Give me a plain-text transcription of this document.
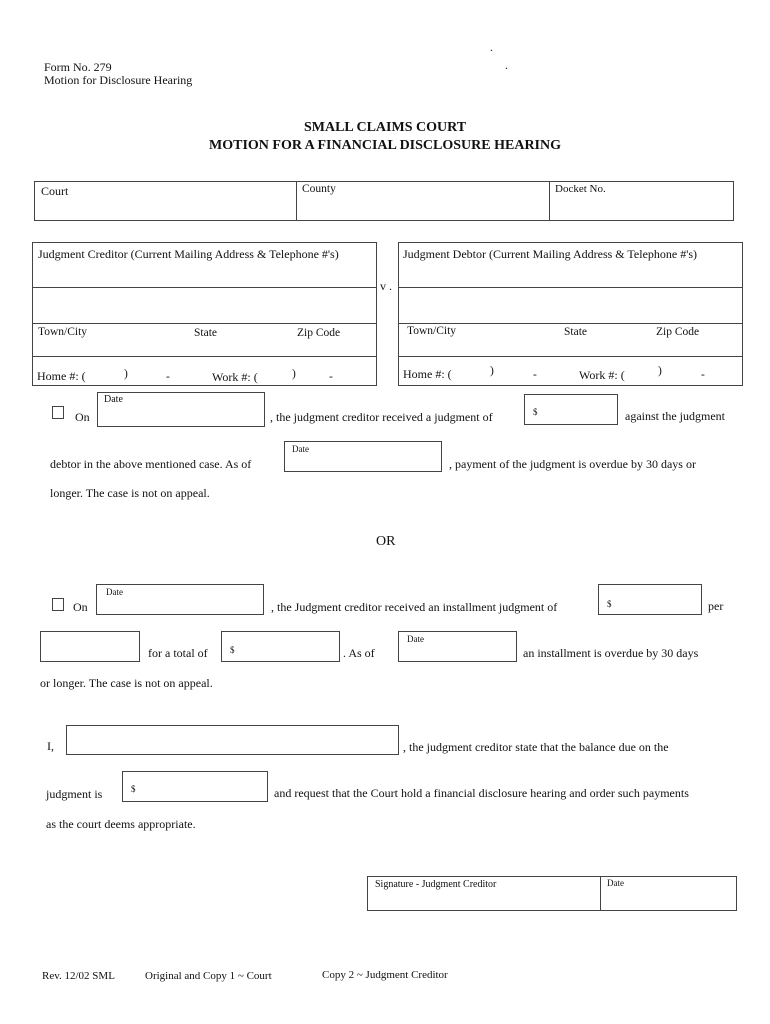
.
.
Form No. 279
Motion for Disclosure Hearing
SMALL CLAIMS COURT
MOTION FOR A FINANCIAL DISCLOSURE HEARING
Court	County	Docket No.
Judgment Creditor (Current Mailing Address & Telephone #'s)
Town/City	State	Zip Code
Home #: (	)	-	Work #: (	)	-
v .
Judgment Debtor (Current Mailing Address & Telephone #'s)
Town/City	State	Zip Code
Home #: (	)	-	Work #: (	)	-
On
Date
, the judgment creditor received a judgment of	$	against the judgment
debtor in the above mentioned case. As of
Date
, payment of the judgment is overdue by 30 days or
longer. The case is not on appeal.
OR
On
Date
, the Judgment creditor received an installment judgment of	$	per
for a total of $	. As of
Date
an installment is overdue by 30 days
or longer. The case is not on appeal.
I,	, the judgment creditor state that the balance due on the
judgment is	$	and request that the Court hold a financial disclosure hearing and order such payments
as the court deems appropriate.
Signature - Judgment Creditor	Date
Rev. 12/02 SML	Original and Copy 1 ~ Court	Copy 2 ~ Judgment Creditor
